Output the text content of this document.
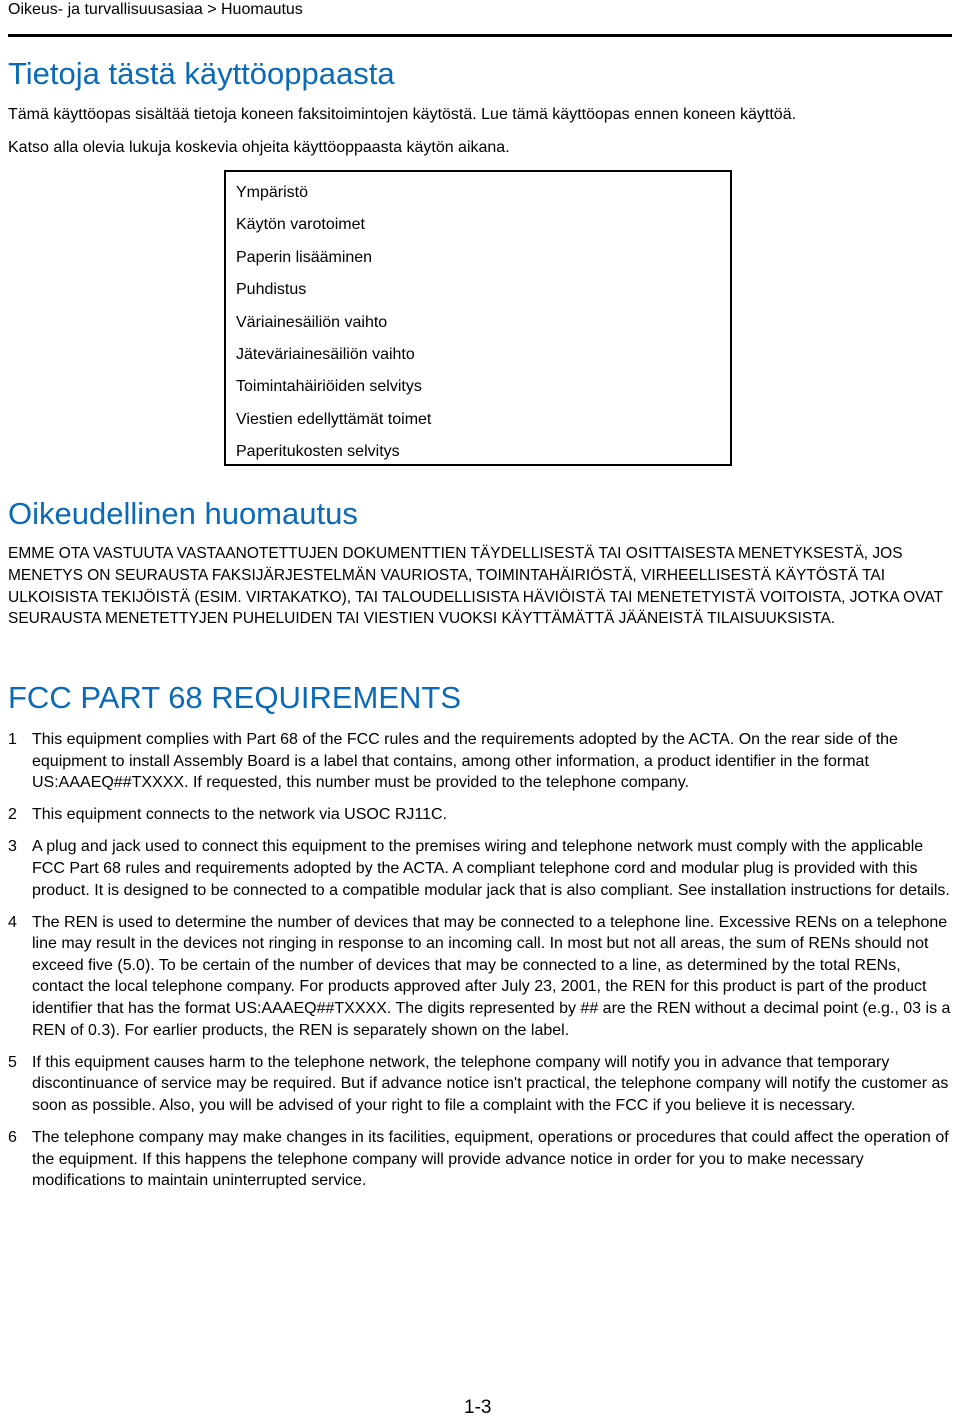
Oikeus- ja turvallisuusasiaa > Huomautus
Tietoja tästä käyttöoppaasta

Tämä käyttöopas sisältää tietoja koneen faksitoimintojen käytöstä. Lue tämä käyttöopas ennen koneen käyttöä.

Katso alla olevia lukuja koskevia ohjeita käyttöoppaasta käytön aikana.

Ympäristö
Käytön varotoimet
Paperin lisääminen
Puhdistus
Väriainesäiliön vaihto
Jäteväriainesäiliön vaihto
Toimintahäiriöiden selvitys
Viestien edellyttämät toimet
Paperitukosten selvitys
Oikeudellinen huomautus

EMME OTA VASTUUTA VASTAANOTETTUJEN DOKUMENTTIEN TÄYDELLISESTÄ TAI OSITTAISESTA MENETYKSESTÄ, JOS MENETYS ON SEURAUSTA FAKSIJÄRJESTELMÄN VAURIOSTA, TOIMINTAHÄIRIÖSTÄ, VIRHEELLISESTÄ KÄYTÖSTÄ TAI ULKOISISTA TEKIJÖISTÄ (ESIM. VIRTAKATKO), TAI TALOUDELLISISTA HÄVIÖISTÄ TAI MENETETYISTÄ VOITOISTA, JOTKA OVAT SEURAUSTA MENETETTYJEN PUHELUIDEN TAI VIESTIEN VUOKSI KÄYTTÄMÄTTÄ JÄÄNEISTÄ TILAISUUKSISTA.

FCC PART 68 REQUIREMENTS
1 This equipment complies with Part 68 of the FCC rules and the requirements adopted by the ACTA. On the rear side of the equipment to install Assembly Board is a label that contains, among other information, a product identifier in the format US:AAAEQ##TXXXX. If requested, this number must be provided to the telephone company.
2 This equipment connects to the network via USOC RJ11C.
3 A plug and jack used to connect this equipment to the premises wiring and telephone network must comply with the applicable FCC Part 68 rules and requirements adopted by the ACTA. A compliant telephone cord and modular plug is provided with this product. It is designed to be connected to a compatible modular jack that is also compliant. See installation instructions for details.
4 The REN is used to determine the number of devices that may be connected to a telephone line. Excessive RENs on a telephone line may result in the devices not ringing in response to an incoming call. In most but not all areas, the sum of RENs should not exceed five (5.0). To be certain of the number of devices that may be connected to a line, as determined by the total RENs, contact the local telephone company. For products approved after July 23, 2001, the REN for this product is part of the product identifier that has the format US:AAAEQ##TXXXX. The digits represented by ## are the REN without a decimal point (e.g., 03 is a REN of 0.3). For earlier products, the REN is separately shown on the label.
5 If this equipment causes harm to the telephone network, the telephone company will notify you in advance that temporary discontinuance of service may be required. But if advance notice isn't practical, the telephone company will notify the customer as soon as possible. Also, you will be advised of your right to file a complaint with the FCC if you believe it is necessary.
6 The telephone company may make changes in its facilities, equipment, operations or procedures that could affect the operation of the equipment. If this happens the telephone company will provide advance notice in order for you to make necessary modifications to maintain uninterrupted service.
1-3
